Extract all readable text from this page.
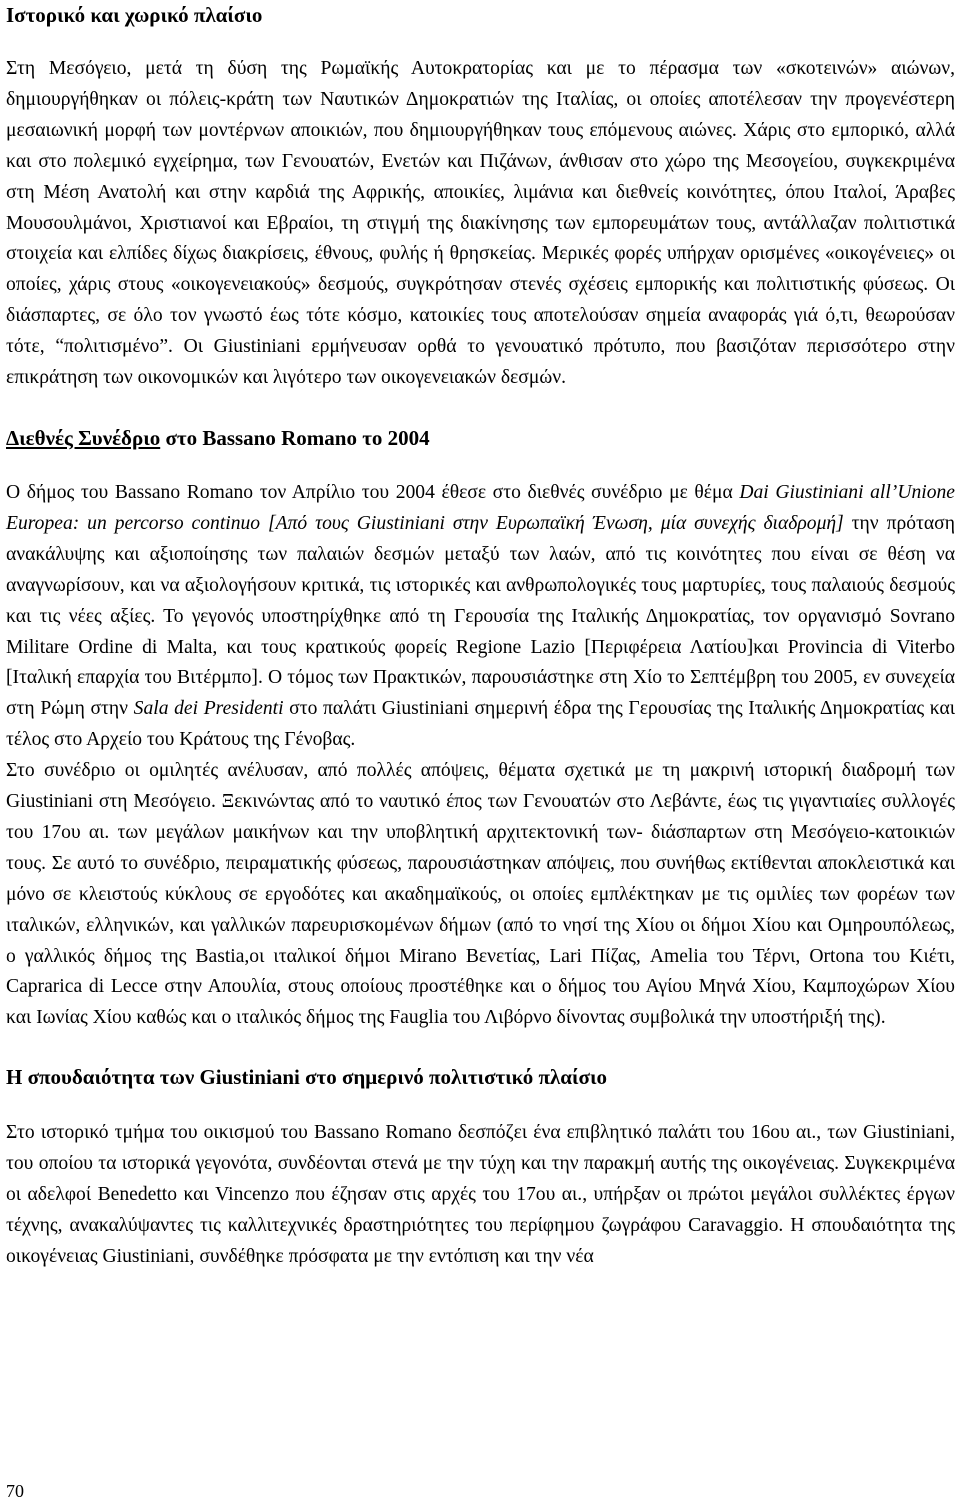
Ιστορικό και χωρικό πλαίσιο

Στη Μεσόγειο, μετά τη δύση της Ρωμαϊκής Αυτοκρατορίας και με το πέρασμα των «σκοτεινών» αιώνων, δημιουργήθηκαν οι πόλεις-κράτη των Ναυτικών Δημοκρατιών της Ιταλίας, οι οποίες αποτέλεσαν την προγενέστερη μεσαιωνική μορφή των μοντέρνων αποικιών, που δημιουργήθηκαν τους επόμενους αιώνες. Χάρις στο εμπορικό, αλλά και στο πολεμικό εγχείρημα, των Γενουατών, Ενετών και Πιζάνων, άνθισαν στο χώρο της Μεσογείου, συγκεκριμένα στη Μέση Ανατολή και στην καρδιά της Αφρικής, αποικίες, λιμάνια και διεθνείς κοινότητες, όπου Ιταλοί, Άραβες Μουσουλμάνοι, Χριστιανοί και Εβραίοι, τη στιγμή της διακίνησης των εμπορευμάτων τους, αντάλλαζαν πολιτιστικά στοιχεία και ελπίδες δίχως διακρίσεις, έθνους, φυλής ή θρησκείας. Μερικές φορές υπήρχαν ορισμένες «οικογένειες» οι οποίες, χάρις στους «οικογενειακούς» δεσμούς, συγκρότησαν στενές σχέσεις εμπορικής και πολιτιστικής φύσεως. Οι διάσπαρτες, σε όλο τον γνωστό έως τότε κόσμο, κατοικίες τους αποτελούσαν σημεία αναφοράς γιά ό,τι, θεωρούσαν τότε, “πολιτισμένο”. Οι Giustiniani ερμήνευσαν ορθά το γενουατικό πρότυπο, που βασιζόταν περισσότερο στην επικράτηση των οικονομικών και λιγότερο των οικογενειακών δεσμών.

Διεθνές Συνέδριο στο Bassano Romano το 2004

Ο δήμος του Bassano Romano τον Απρίλιο του 2004 έθεσε στο διεθνές συνέδριο με θέμα Dai Giustiniani all’Unione Europea: un percorso continuo [Από τους Giustiniani στην Ευρωπαϊκή Ένωση, μία συνεχής διαδρομή] την πρόταση ανακάλυψης και αξιοποίησης των παλαιών δεσμών μεταξύ των λαών, από τις κοινότητες που είναι σε θέση να αναγνωρίσουν, και να αξιολογήσουν κριτικά, τις ιστορικές και ανθρωπολογικές τους μαρτυρίες, τους παλαιούς δεσμούς και τις νέες αξίες. Το γεγονός υποστηρίχθηκε από τη Γερουσία της Ιταλικής Δημοκρατίας, τον οργανισμό Sovrano Militare Ordine di Malta, και τους κρατικούς φορείς Regione Lazio [Περιφέρεια Λατίου]και Provincia di Viterbo [Ιταλική επαρχία του Βιτέρμπο]. Ο τόμος των Πρακτικών, παρουσιάστηκε στη Χίο το Σεπτέμβρη του 2005, εν συνεχεία στη Ρώμη στην Sala dei Presidenti στο παλάτι Giustiniani σημερινή έδρα της Γερουσίας της Ιταλικής Δημοκρατίας και τέλος στο Αρχείο του Κράτους της Γένοβας.

Στο συνέδριο οι ομιλητές ανέλυσαν, από πολλές απόψεις, θέματα σχετικά με τη μακρινή ιστορική διαδρομή των Giustiniani στη Μεσόγειο. Ξεκινώντας από το ναυτικό έπος των Γενουατών στο Λεβάντε, έως τις γιγαντιαίες συλλογές του 17ου αι. των μεγάλων μαικήνων και την υποβλητική αρχιτεκτονική των- διάσπαρτων στη Μεσόγειο-κατοικιών τους. Σε αυτό το συνέδριο, πειραματικής φύσεως, παρουσιάστηκαν απόψεις, που συνήθως εκτίθενται αποκλειστικά και μόνο σε κλειστούς κύκλους σε εργοδότες και ακαδημαϊκούς, οι οποίες εμπλέκτηκαν με τις ομιλίες των φορέων των ιταλικών, ελληνικών, και γαλλικών παρευρισκομένων δήμων (από το νησί της Χίου οι δήμοι Χίου και Ομηρουπόλεως, ο γαλλικός δήμος της Bastia,οι ιταλικοί δήμοι Mirano Βενετίας, Lari Πίζας, Amelia του Τέρνι, Ortona του Κιέτι, Caprarica di Lecce στην Απουλία, στους οποίους προστέθηκε και ο δήμος του Αγίου Μηνά Χίου, Καμποχώρων Χίου και Ιωνίας Χίου καθώς και ο ιταλικός δήμος της Fauglia του Λιβόρνο δίνοντας συμβολικά την υποστήριξή της).

Η σπουδαιότητα των Giustiniani στο σημερινό πολιτιστικό πλαίσιο

Στο ιστορικό τμήμα του οικισμού του Bassano Romano δεσπόζει ένα επιβλητικό παλάτι του 16ου αι., των Giustiniani, του οποίου τα ιστορικά γεγονότα, συνδέονται στενά με την τύχη και την παρακμή αυτής της οικογένειας. Συγκεκριμένα οι αδελφοί Benedetto και Vincenzo που έζησαν στις αρχές του 17ου αι., υπήρξαν οι πρώτοι μεγάλοι συλλέκτες έργων τέχνης, ανακαλύψαντες τις καλλιτεχνικές δραστηριότητες του περίφημου ζωγράφου Caravaggio. Η σπουδαιότητα της οικογένειας Giustiniani, συνδέθηκε πρόσφατα με την εντόπιση και την νέα

70
